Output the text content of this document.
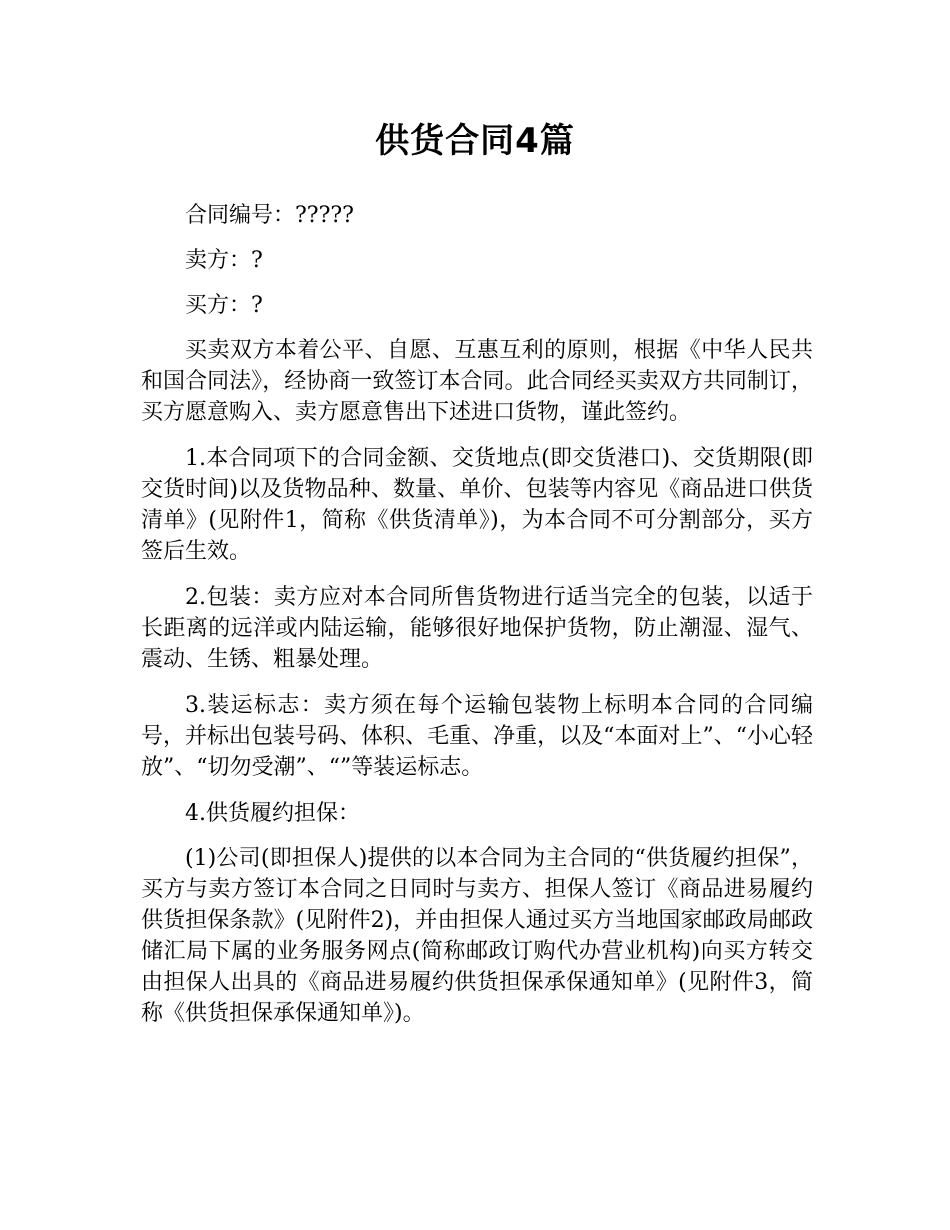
供货合同4篇

合同编号：?????

卖方：?

买方：?

买卖双方本着公平、自愿、互惠互利的原则，根据《中华人民共和国合同法》，经协商一致签订本合同。此合同经买卖双方共同制订，买方愿意购入、卖方愿意售出下述进口货物，谨此签约。

1.本合同项下的合同金额、交货地点(即交货港口)、交货期限(即交货时间)以及货物品种、数量、单价、包装等内容见《商品进口供货清单》(见附件1，简称《供货清单》)，为本合同不可分割部分，买方签后生效。

2.包装：卖方应对本合同所售货物进行适当完全的包装，以适于长距离的远洋或内陆运输，能够很好地保护货物，防止潮湿、湿气、震动、生锈、粗暴处理。

3.装运标志：卖方须在每个运输包装物上标明本合同的合同编号，并标出包装号码、体积、毛重、净重，以及“本面对上”、“小心轻放”、“切勿受潮”、“”等装运标志。

4.供货履约担保：

(1)公司(即担保人)提供的以本合同为主合同的“供货履约担保”，买方与卖方签订本合同之日同时与卖方、担保人签订《商品进易履约供货担保条款》(见附件2)，并由担保人通过买方当地国家邮政局邮政储汇局下属的业务服务网点(简称邮政订购代办营业机构)向买方转交由担保人出具的《商品进易履约供货担保承保通知单》(见附件3，简称《供货担保承保通知单》)。
